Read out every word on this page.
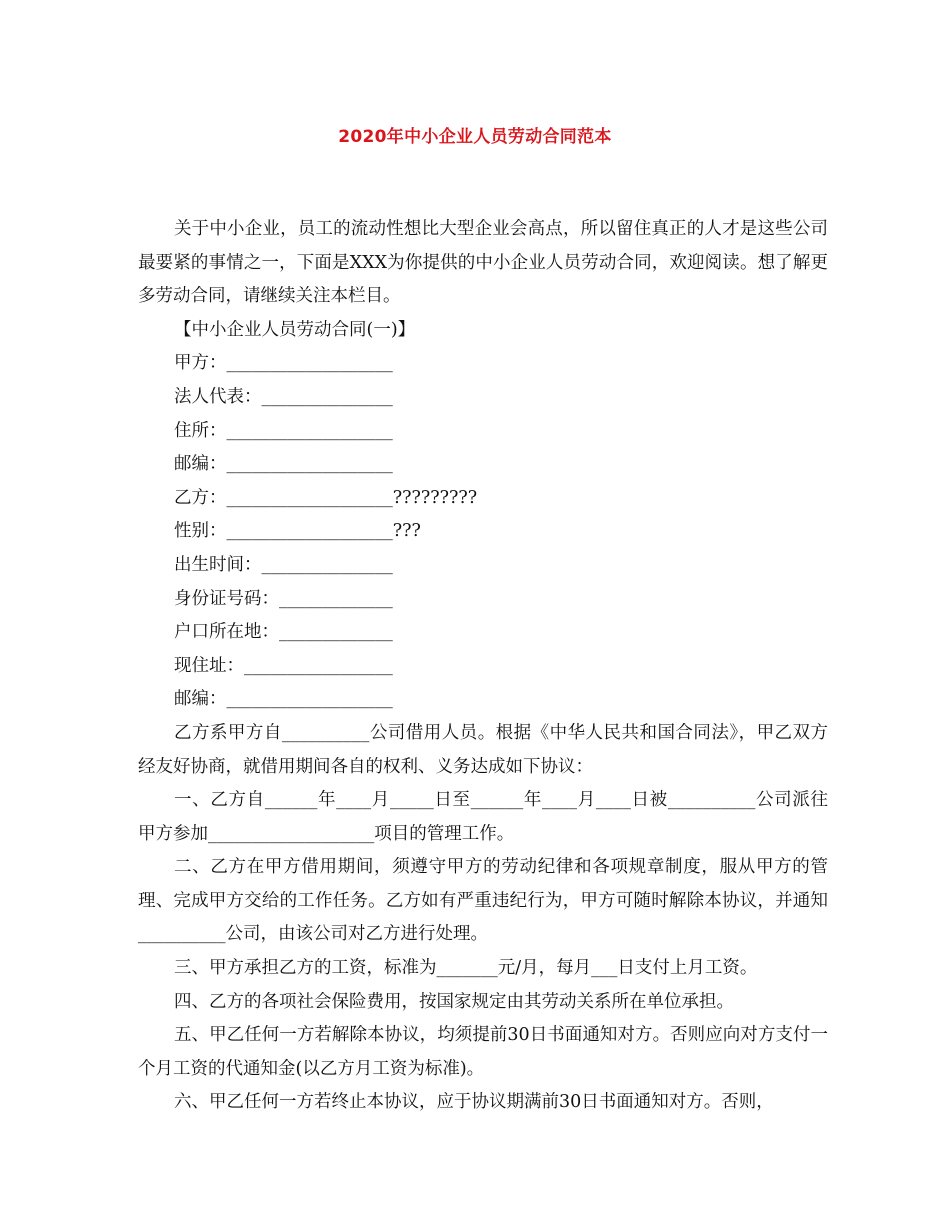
2020年中小企业人员劳动合同范本

关于中小企业，员工的流动性想比大型企业会高点，所以留住真正的人才是这些公司最要紧的事情之一，下面是XXX为你提供的中小企业人员劳动合同，欢迎阅读。想了解更多劳动合同，请继续关注本栏目。

【中小企业人员劳动合同(一)】

甲方：___________________

法人代表：_______________

住所：___________________

邮编：___________________

乙方：___________________?????????

性别：___________________???

出生时间：_______________

身份证号码：_____________

户口所在地：_____________

现住址：_________________

邮编：___________________

乙方系甲方自__________公司借用人员。根据《中华人民共和国合同法》，甲乙双方经友好协商，就借用期间各自的权利、义务达成如下协议：

一、乙方自______年____月_____日至______年____月____日被__________公司派往甲方参加___________________项目的管理工作。

二、乙方在甲方借用期间，须遵守甲方的劳动纪律和各项规章制度，服从甲方的管理、完成甲方交给的工作任务。乙方如有严重违纪行为，甲方可随时解除本协议，并通知__________公司，由该公司对乙方进行处理。

三、甲方承担乙方的工资，标准为_______元/月，每月___日支付上月工资。

四、乙方的各项社会保险费用，按国家规定由其劳动关系所在单位承担。

五、甲乙任何一方若解除本协议，均须提前30日书面通知对方。否则应向对方支付一个月工资的代通知金(以乙方月工资为标准)。

六、甲乙任何一方若终止本协议，应于协议期满前30日书面通知对方。否则，
